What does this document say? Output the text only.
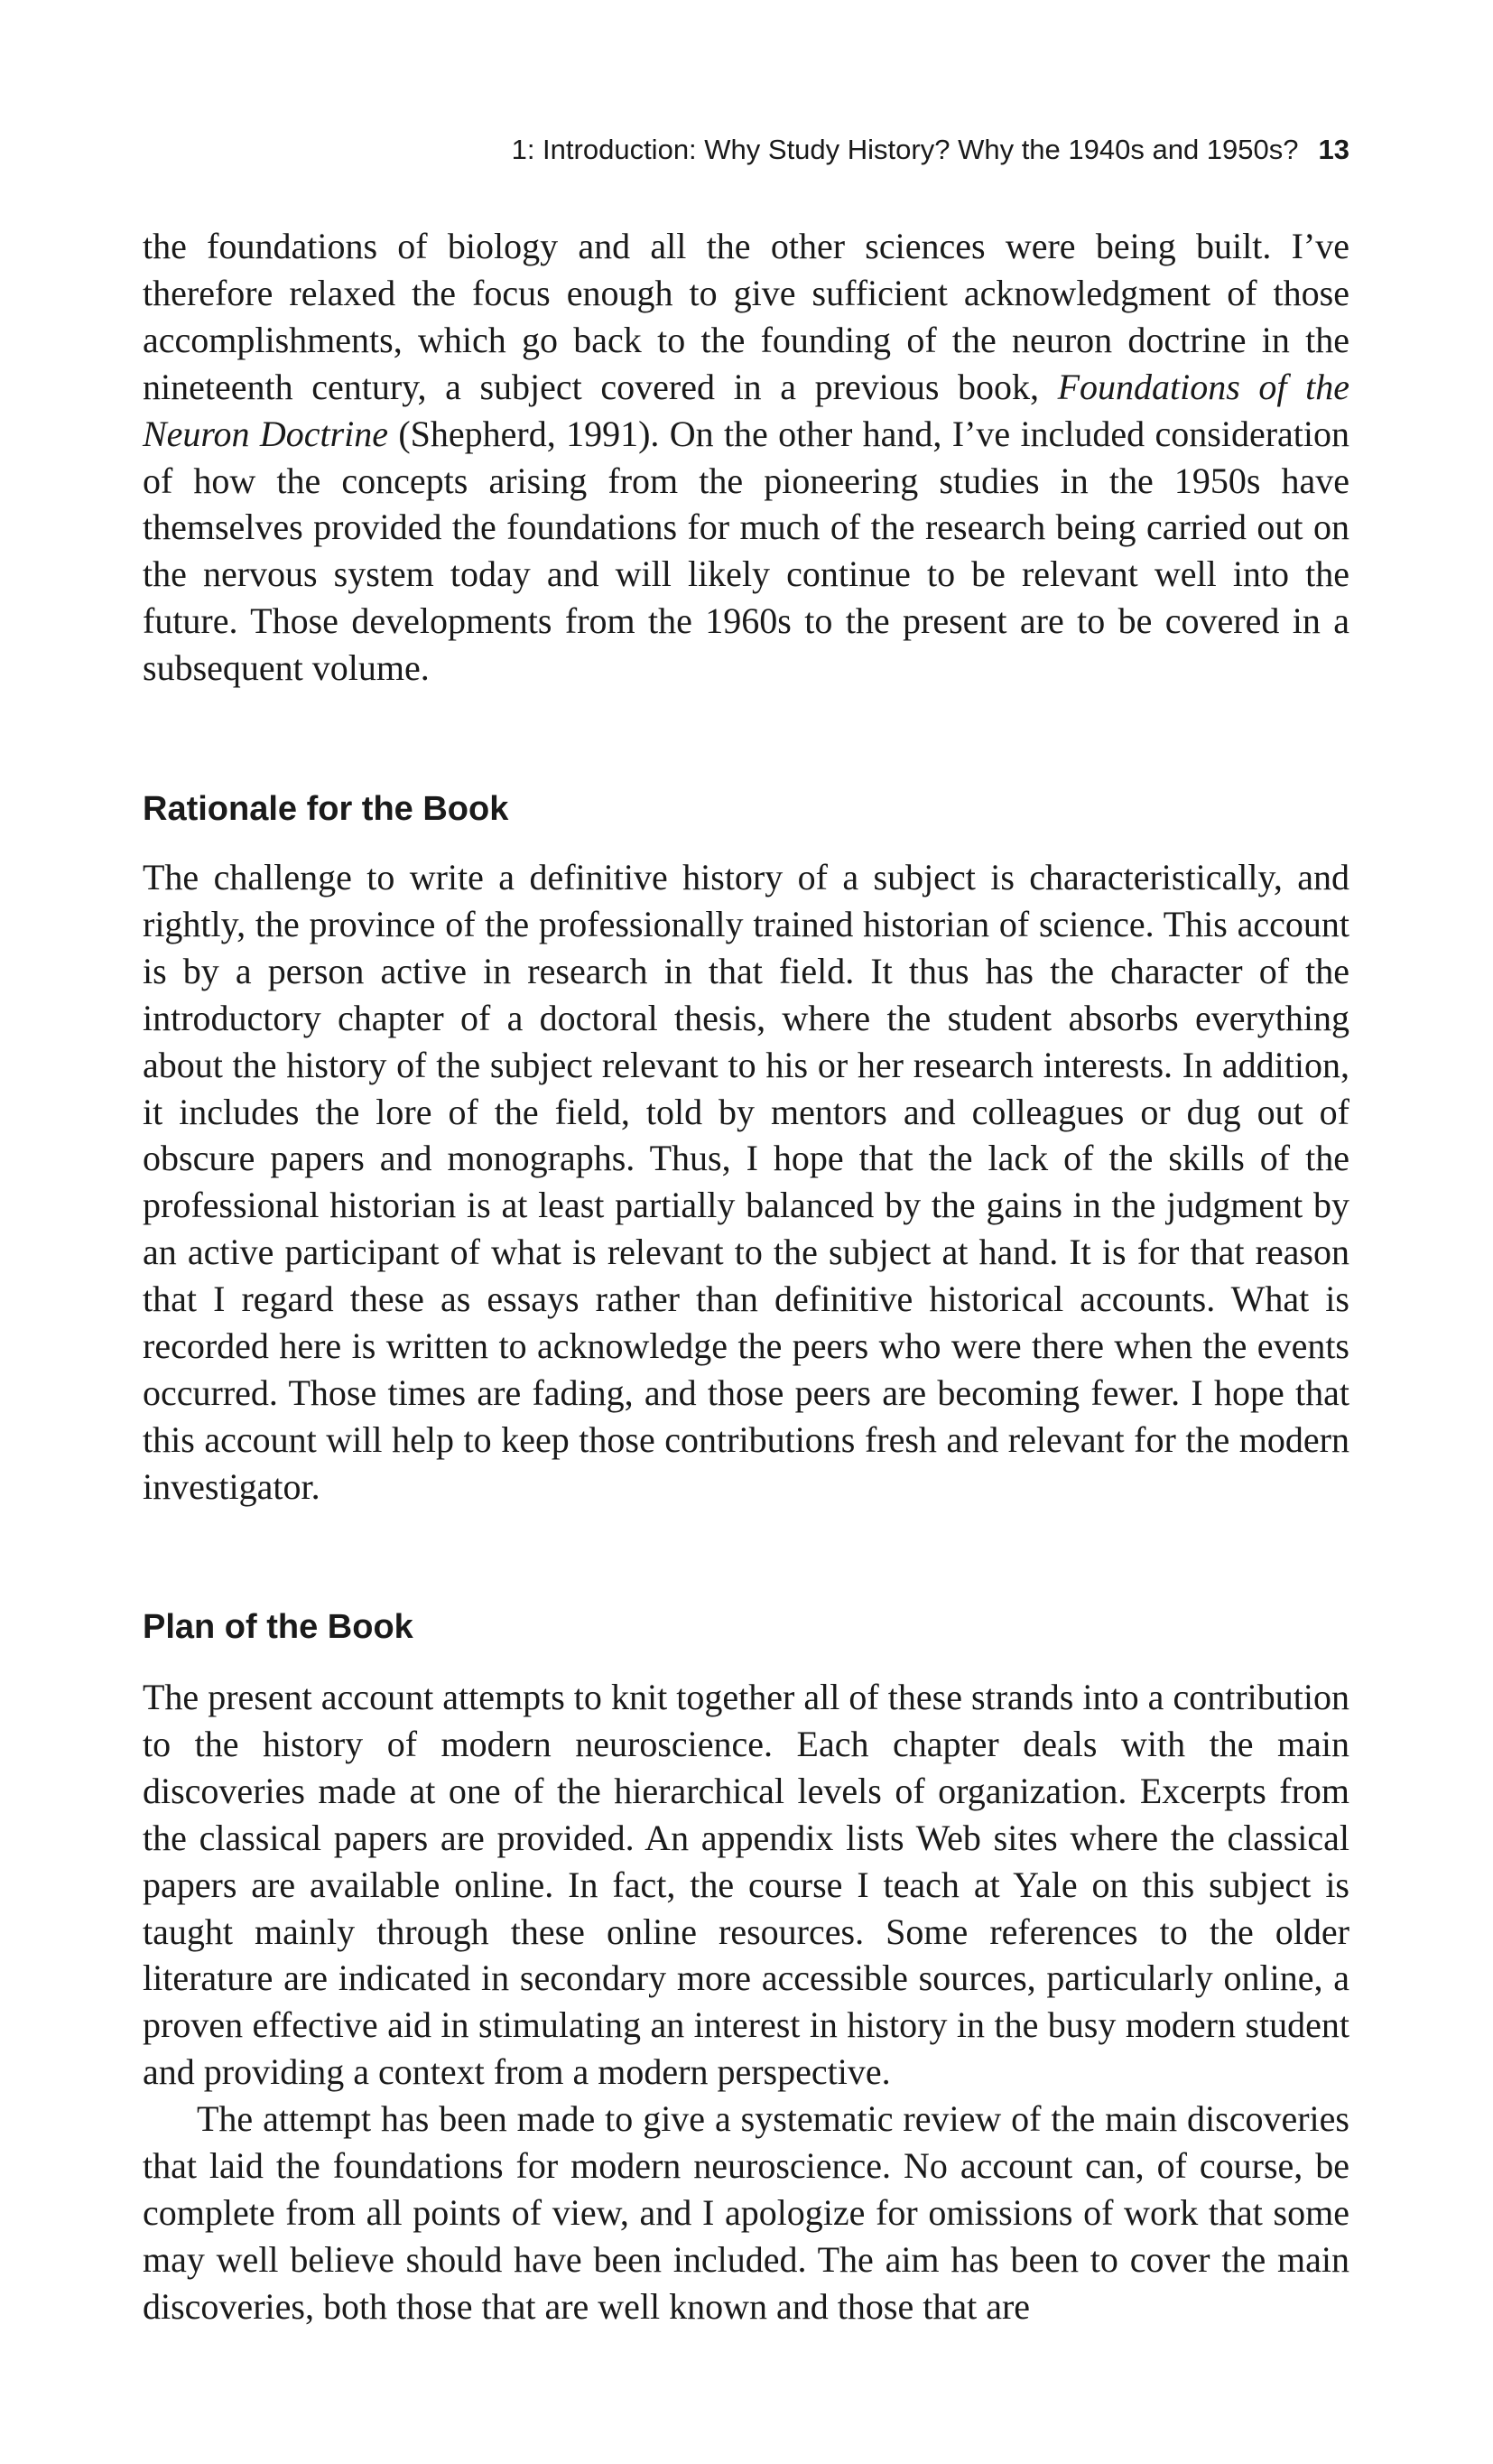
1: Introduction: Why Study History? Why the 1940s and 1950s? 13

the foundations of biology and all the other sciences were being built. I’ve therefore relaxed the focus enough to give sufficient acknowledgment of those accomplishments, which go back to the founding of the neuron doctrine in the nineteenth century, a subject covered in a previous book, Foundations of the Neuron Doctrine (Shepherd, 1991). On the other hand, I’ve included consideration of how the concepts arising from the pioneering studies in the 1950s have themselves provided the foundations for much of the research being carried out on the nervous system today and will likely continue to be relevant well into the future. Those developments from the 1960s to the present are to be covered in a subsequent volume.

Rationale for the Book

The challenge to write a definitive history of a subject is characteristically, and rightly, the province of the professionally trained historian of science. This account is by a person active in research in that field. It thus has the character of the introductory chapter of a doctoral thesis, where the student absorbs everything about the history of the subject relevant to his or her research interests. In addition, it includes the lore of the field, told by mentors and colleagues or dug out of obscure papers and monographs. Thus, I hope that the lack of the skills of the professional historian is at least partially balanced by the gains in the judgment by an active participant of what is relevant to the subject at hand. It is for that reason that I regard these as essays rather than definitive historical accounts. What is recorded here is written to acknowledge the peers who were there when the events occurred. Those times are fading, and those peers are becoming fewer. I hope that this account will help to keep those contributions fresh and relevant for the modern investigator.

Plan of the Book

The present account attempts to knit together all of these strands into a contribution to the history of modern neuroscience. Each chapter deals with the main discoveries made at one of the hierarchical levels of organization. Excerpts from the classical papers are provided. An appendix lists Web sites where the classical papers are available online. In fact, the course I teach at Yale on this subject is taught mainly through these online resources. Some references to the older literature are indicated in secondary more accessible sources, particularly online, a proven effective aid in stimulating an interest in history in the busy modern student and providing a context from a modern perspective.

The attempt has been made to give a systematic review of the main discoveries that laid the foundations for modern neuroscience. No account can, of course, be complete from all points of view, and I apologize for omissions of work that some may well believe should have been included. The aim has been to cover the main discoveries, both those that are well known and those that are
